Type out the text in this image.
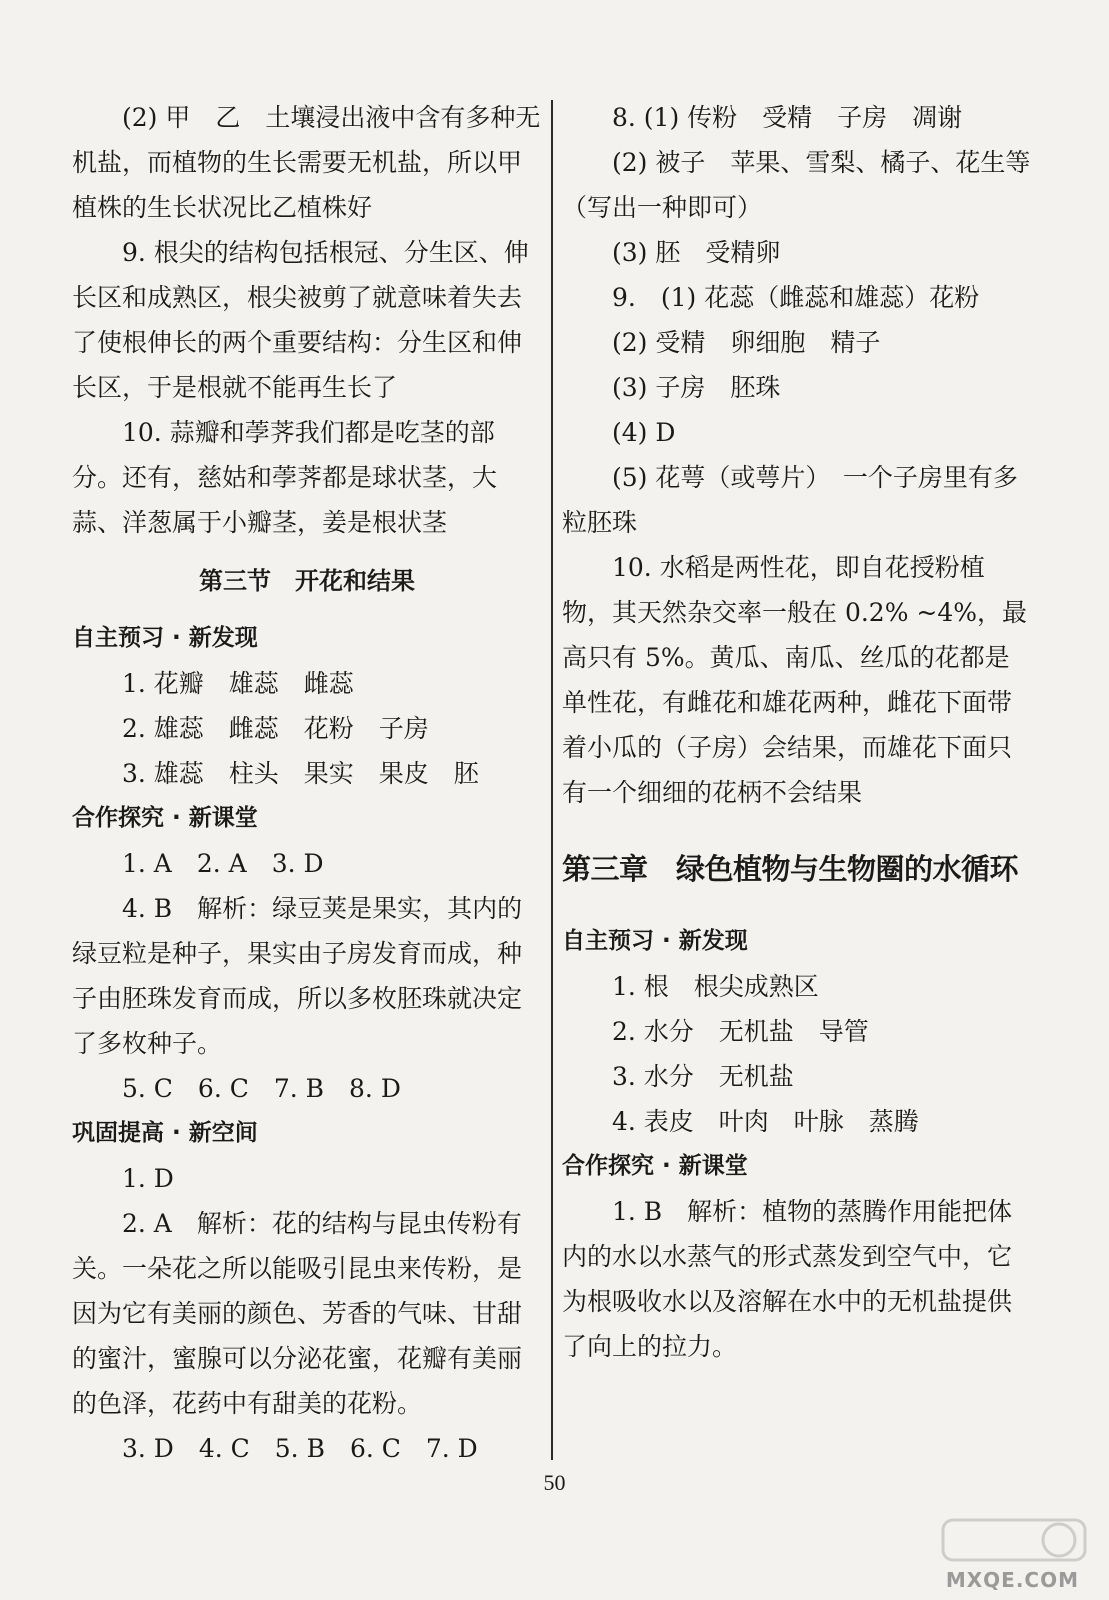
(2) 甲　乙　土壤浸出液中含有多种无机盐，而植物的生长需要无机盐，所以甲植株的生长状况比乙植株好

9. 根尖的结构包括根冠、分生区、伸长区和成熟区，根尖被剪了就意味着失去了使根伸长的两个重要结构：分生区和伸长区，于是根就不能再生长了

10. 蒜瓣和荸荠我们都是吃茎的部分。还有，慈姑和荸荠都是球状茎，大蒜、洋葱属于小瓣茎，姜是根状茎

第三节　开花和结果
自主预习 · 新发现

1. 花瓣　雄蕊　雌蕊

2. 雄蕊　雌蕊　花粉　子房

3. 雄蕊　柱头　果实　果皮　胚

合作探究 · 新课堂

1. A　2. A　3. D

4. B　解析：绿豆荚是果实，其内的绿豆粒是种子，果实由子房发育而成，种子由胚珠发育而成，所以多枚胚珠就决定了多枚种子。

5. C　6. C　7. B　8. D

巩固提高 · 新空间

1. D

2. A　解析：花的结构与昆虫传粉有关。一朵花之所以能吸引昆虫来传粉，是因为它有美丽的颜色、芳香的气味、甘甜的蜜汁，蜜腺可以分泌花蜜，花瓣有美丽的色泽，花药中有甜美的花粉。

3. D　4. C　5. B　6. C　7. D

8. (1) 传粉　受精　子房　凋谢

(2) 被子　苹果、雪梨、橘子、花生等（写出一种即可）

(3) 胚　受精卵

9.　(1) 花蕊（雌蕊和雄蕊）花粉

(2) 受精　卵细胞　精子

(3) 子房　胚珠

(4) D

(5) 花萼（或萼片）　一个子房里有多粒胚珠

10. 水稻是两性花，即自花授粉植物，其天然杂交率一般在 0.2% ~4%，最高只有 5%。黄瓜、南瓜、丝瓜的花都是单性花，有雌花和雄花两种，雌花下面带着小瓜的（子房）会结果，而雄花下面只有一个细细的花柄不会结果

第三章　绿色植物与生物圈的水循环
自主预习 · 新发现

1. 根　根尖成熟区

2. 水分　无机盐　导管

3. 水分　无机盐

4. 表皮　叶肉　叶脉　蒸腾

合作探究 · 新课堂

1. B　解析：植物的蒸腾作用能把体内的水以水蒸气的形式蒸发到空气中，它为根吸收水以及溶解在水中的无机盐提供了向上的拉力。

50
MXQE.COM
